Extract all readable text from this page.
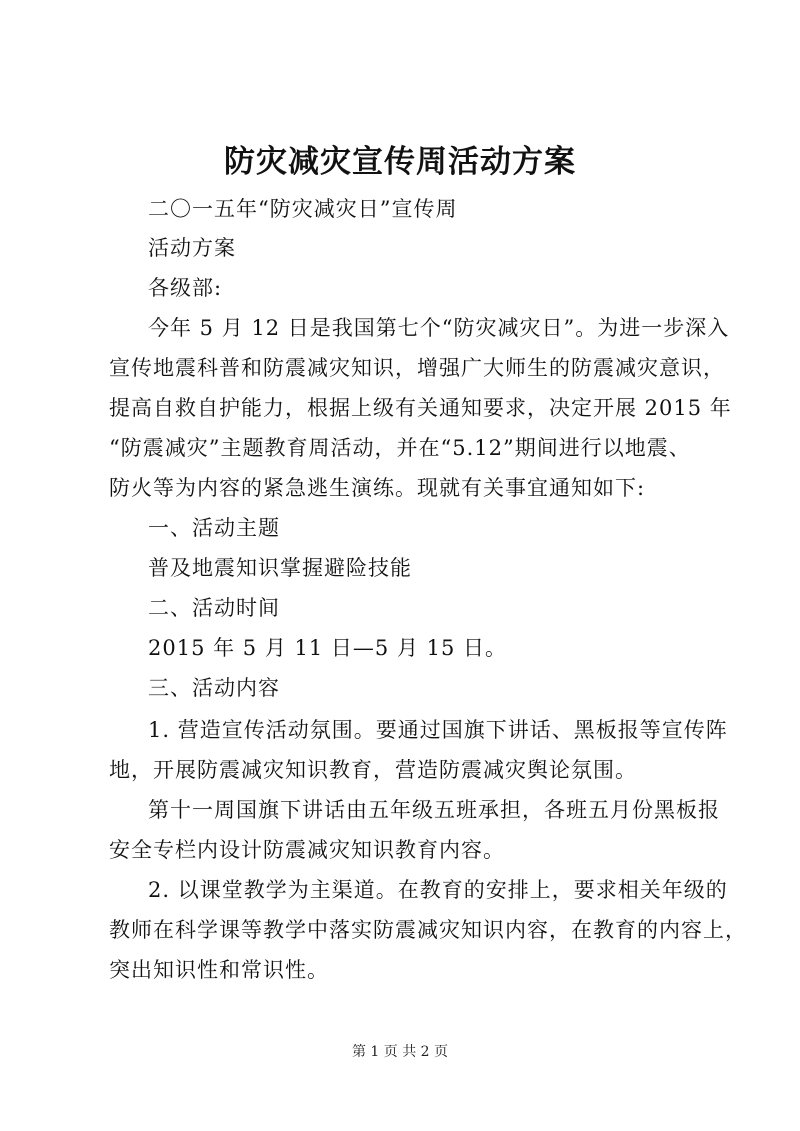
防灾减灾宣传周活动方案
二〇一五年“防灾减灾日”宣传周
活动方案
各级部:
今年 5 月 12 日是我国第七个“防灾减灾日”。为进一步深入
宣传地震科普和防震减灾知识，增强广大师生的防震减灾意识，
提高自救自护能力，根据上级有关通知要求，决定开展 2015 年
“防震减灾”主题教育周活动，并在“5.12”期间进行以地震、
防火等为内容的紧急逃生演练。现就有关事宜通知如下:
一、活动主题
普及地震知识掌握避险技能
二、活动时间
2015 年 5 月 11 日—5 月 15 日。
三、活动内容
1. 营造宣传活动氛围。要通过国旗下讲话、黑板报等宣传阵
地，开展防震减灾知识教育，营造防震减灾舆论氛围。
第十一周国旗下讲话由五年级五班承担，各班五月份黑板报
安全专栏内设计防震减灾知识教育内容。
2. 以课堂教学为主渠道。在教育的安排上，要求相关年级的
教师在科学课等教学中落实防震减灾知识内容，在教育的内容上，
突出知识性和常识性。
第 1 页 共 2 页
